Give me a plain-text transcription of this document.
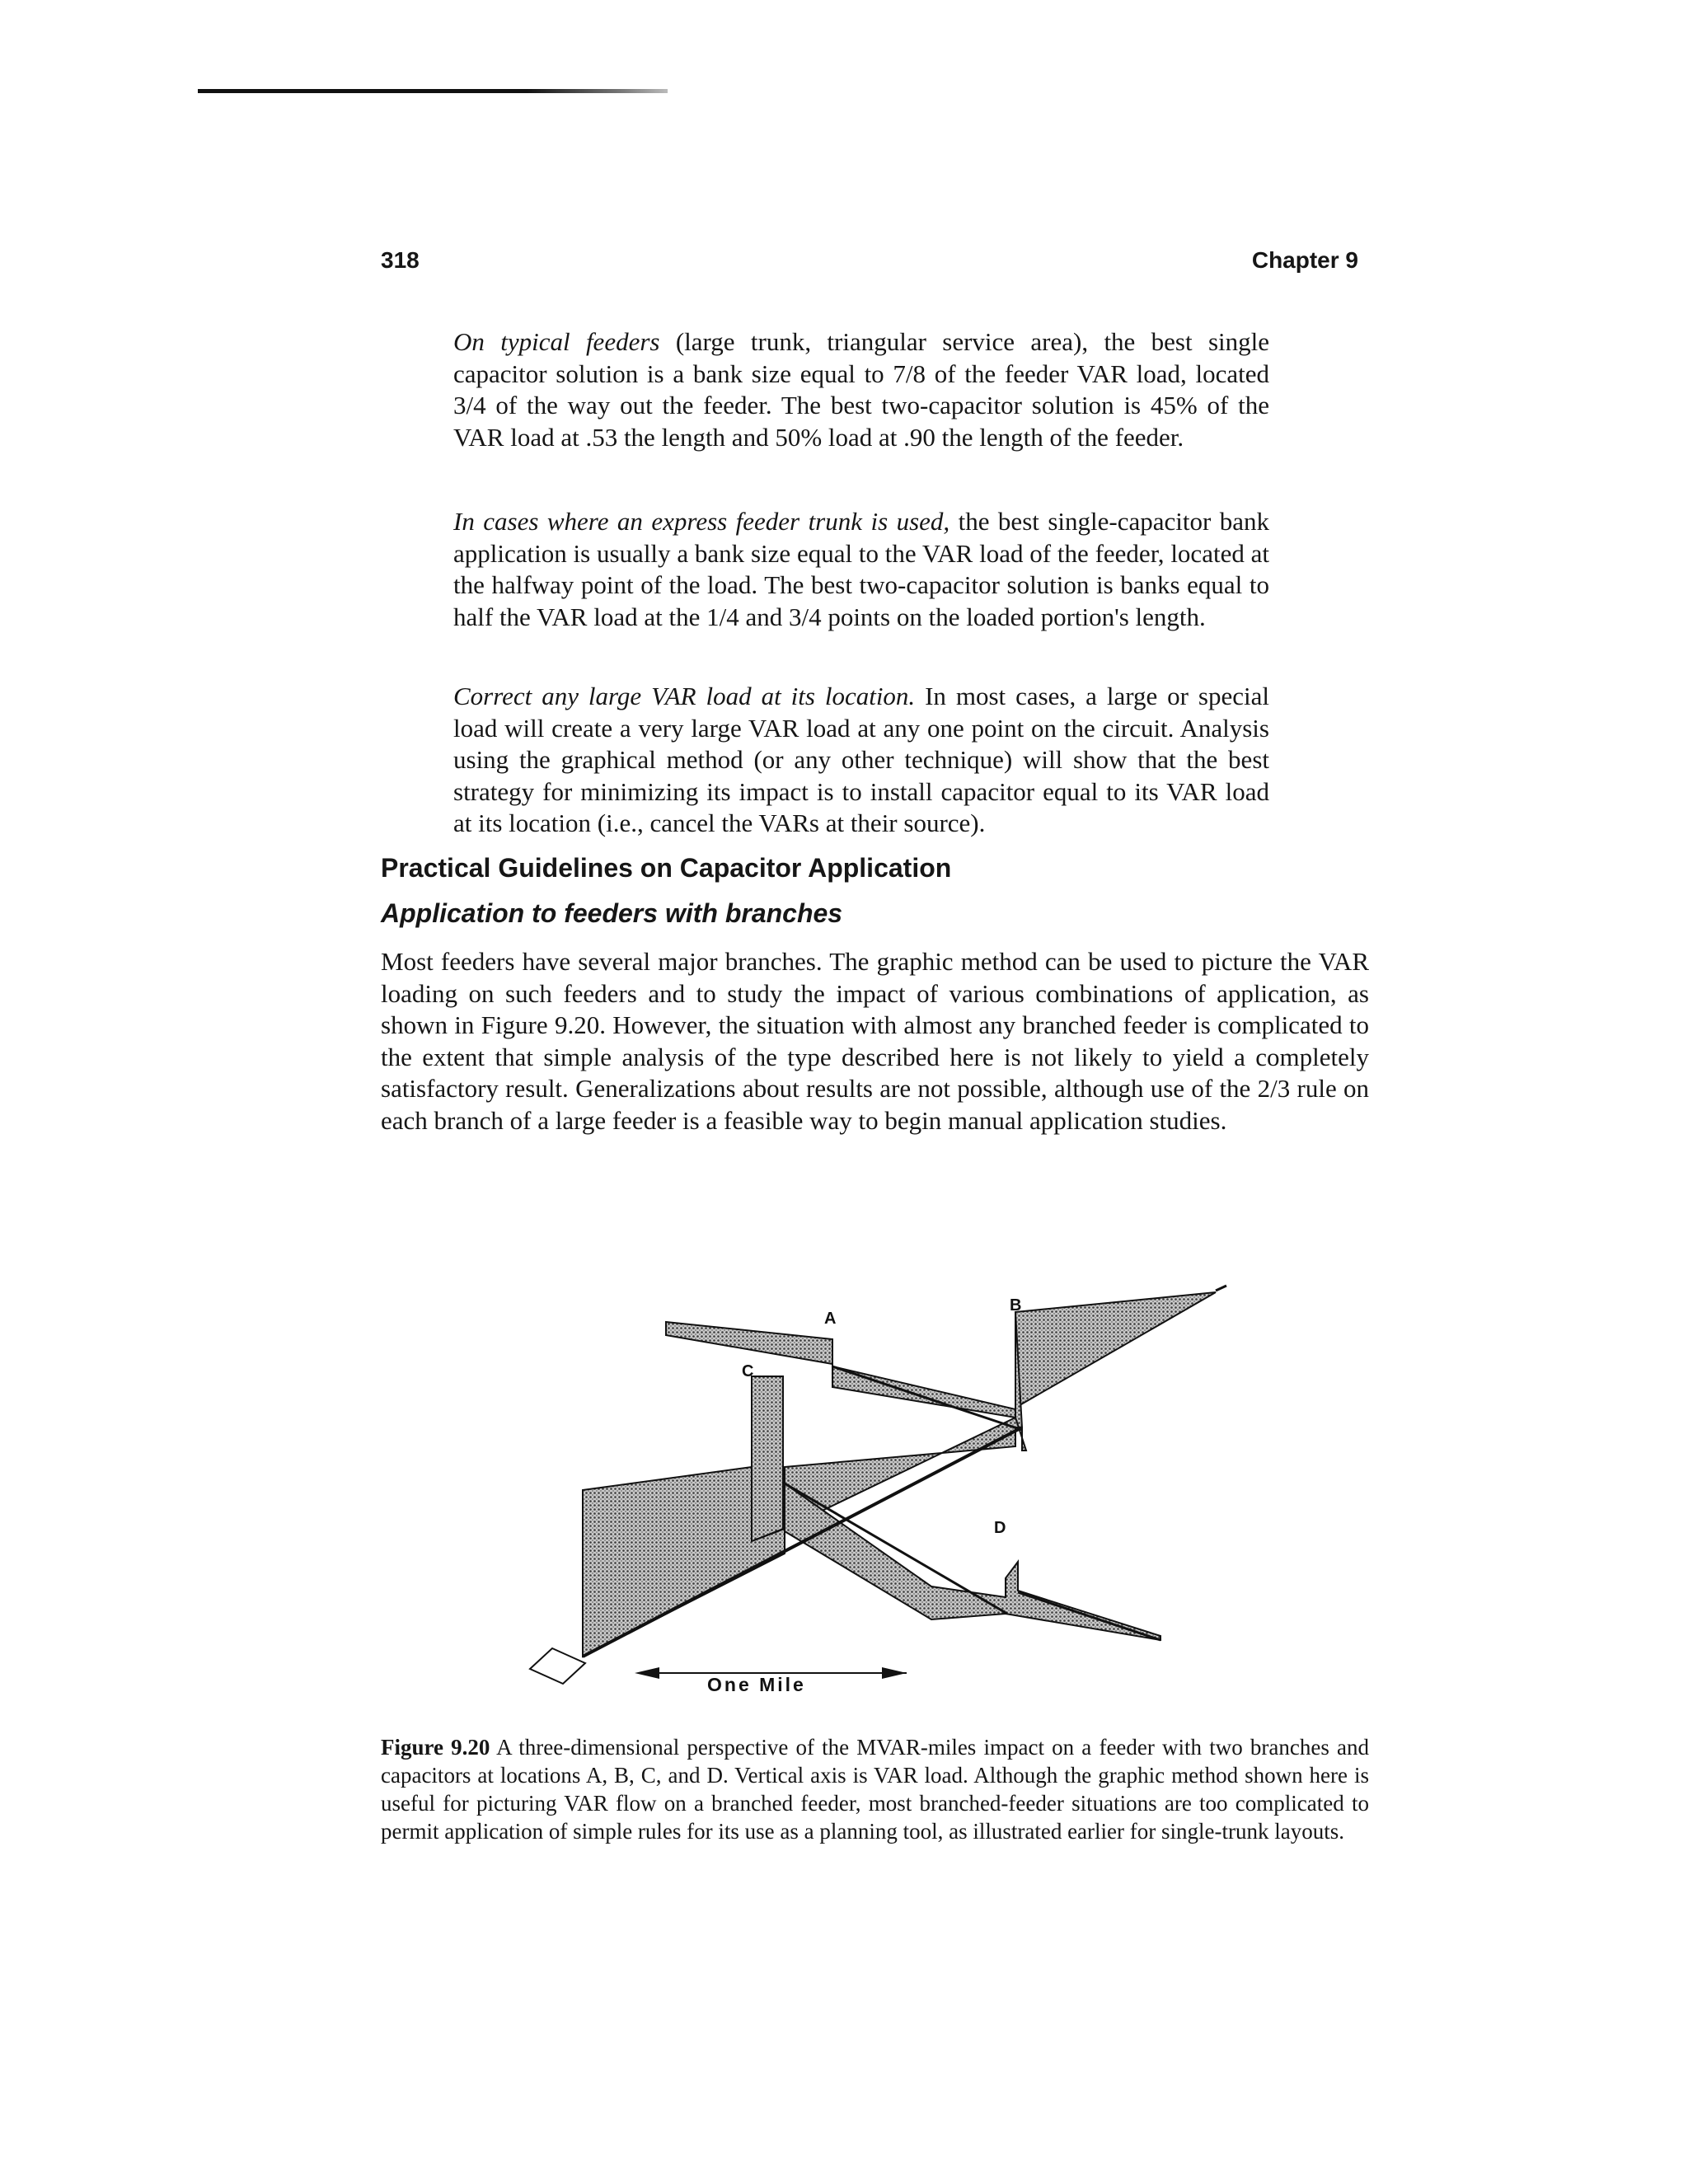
318	Chapter 9

On typical feeders (large trunk, triangular service area), the best single capacitor solution is a bank size equal to 7/8 of the feeder VAR load, located 3/4 of the way out the feeder. The best two-capacitor solution is 45% of the VAR load at .53 the length and 50% load at .90 the length of the feeder.

In cases where an express feeder trunk is used, the best single-capacitor bank application is usually a bank size equal to the VAR load of the feeder, located at the halfway point of the load. The best two-capacitor solution is banks equal to half the VAR load at the 1/4 and 3/4 points on the loaded portion's length.

Correct any large VAR load at its location. In most cases, a large or special load will create a very large VAR load at any one point on the circuit. Analysis using the graphical method (or any other technique) will show that the best strategy for minimizing its impact is to install capacitor equal to its VAR load at its location (i.e., cancel the VARs at their source).

Practical Guidelines on Capacitor Application
Application to feeders with branches

Most feeders have several major branches. The graphic method can be used to picture the VAR loading on such feeders and to study the impact of various combinations of application, as shown in Figure 9.20. However, the situation with almost any branched feeder is complicated to the extent that simple analysis of the type described here is not likely to yield a completely satisfactory result. Generalizations about results are not possible, although use of the 2/3 rule on each branch of a large feeder is a feasible way to begin manual application studies.

A
B
C
D
One Mile

Figure 9.20 A three-dimensional perspective of the MVAR-miles impact on a feeder with two branches and capacitors at locations A, B, C, and D. Vertical axis is VAR load. Although the graphic method shown here is useful for picturing VAR flow on a branched feeder, most branched-feeder situations are too complicated to permit application of simple rules for its use as a planning tool, as illustrated earlier for single-trunk layouts.
